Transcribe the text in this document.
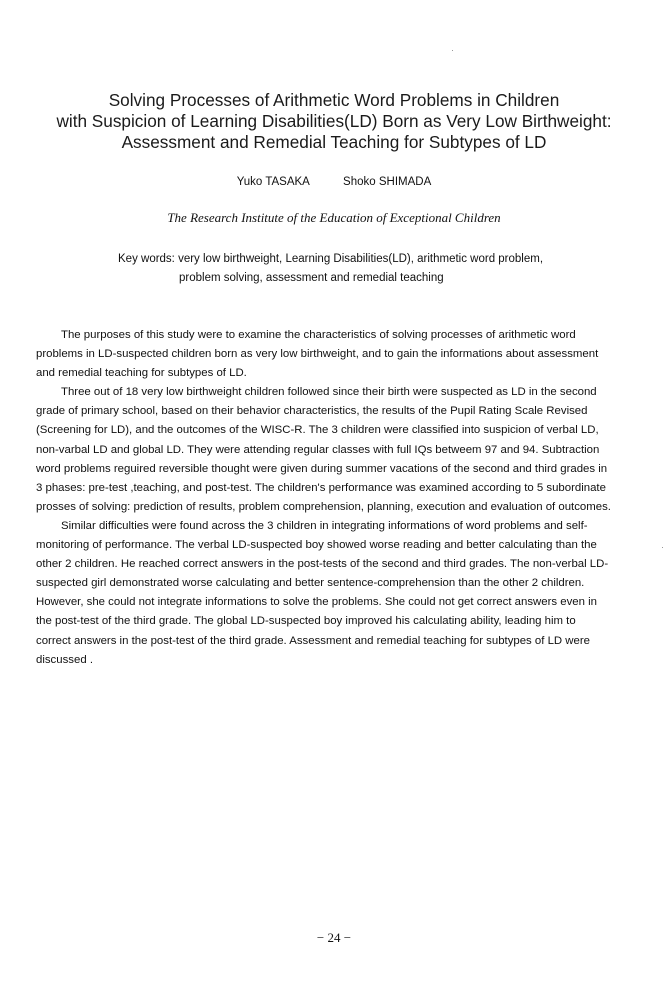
Solving Processes of Arithmetic Word Problems in Children
with Suspicion of Learning Disabilities(LD) Born as Very Low Birthweight:
Assessment and Remedial Teaching for Subtypes of LD
Yuko TASAKA	Shoko SHIMADA
The Research Institute of the Education of Exceptional Children
Key words: very low birthweight, Learning Disabilities(LD), arithmetic word problem,
problem solving, assessment and remedial teaching
The purposes of this study were to examine the characteristics of solving processes of arithmetic word
problems in LD-suspected children born as very low birthweight, and to gain the informations about assessment
and remedial teaching for subtypes of LD.
Three out of 18 very low birthweight children followed since their birth were suspected as LD in the second
grade of primary school, based on their behavior characteristics, the results of the Pupil Rating Scale Revised
(Screening for LD), and the outcomes of the WISC-R. The 3 children were classified into suspicion of verbal LD,
non-varbal LD and global LD. They were attending regular classes with full IQs betweem 97 and 94. Subtraction
word problems reguired reversible thought were given during summer vacations of the second and third grades in
3 phases: pre-test ,teaching, and post-test. The children's performance was examined according to 5 subordinate
prosses of solving: prediction of results, problem comprehension, planning, execution and evaluation of outcomes.
Similar difficulties were found across the 3 children in integrating informations of word problems and self-
monitoring of performance. The verbal LD-suspected boy showed worse reading and better calculating than the
other 2 children. He reached correct answers in the post-tests of the second and third grades. The non-verbal LD-
suspected girl demonstrated worse calculating and better sentence-comprehension than the other 2 children.
However, she could not integrate informations to solve the problems. She could not get correct answers even in
the post-test of the third grade. The global LD-suspected boy improved his calculating ability, leading him to
correct answers in the post-test of the third grade. Assessment and remedial teaching for subtypes of LD were
discussed .
− 24 −
